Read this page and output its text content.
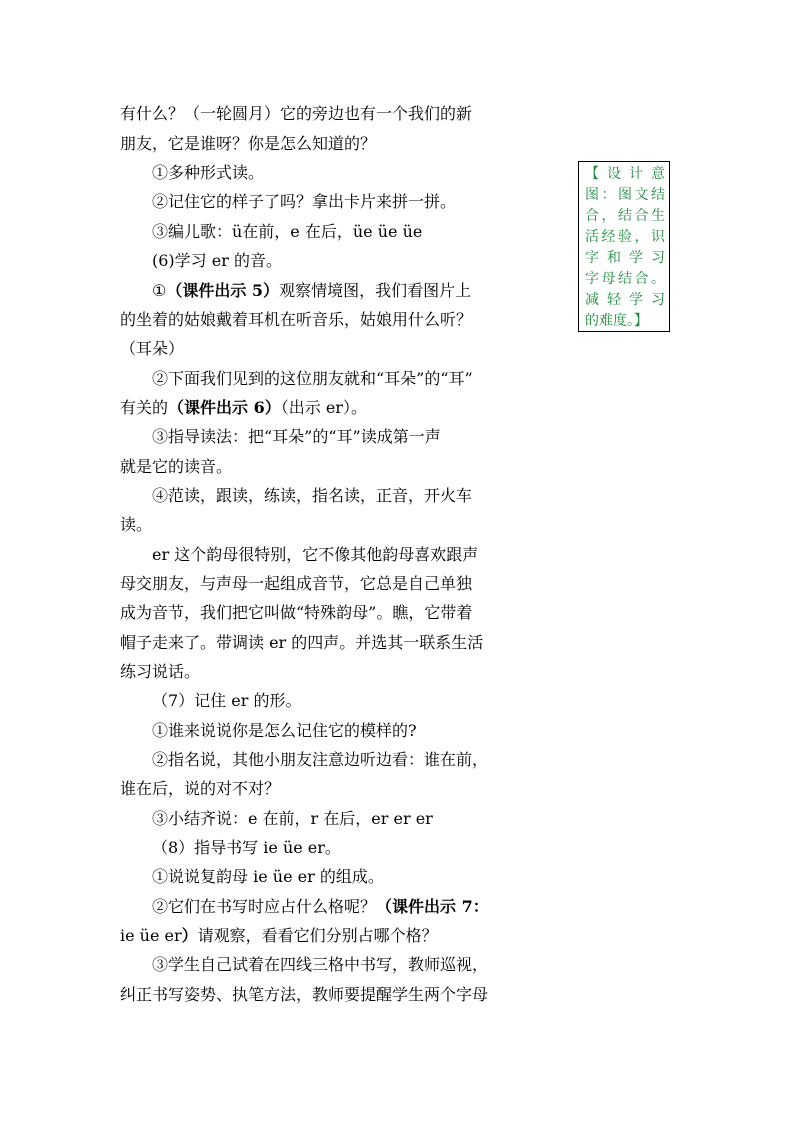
有什么？（一轮圆月）它的旁边也有一个我们的新
朋友，它是谁呀？你是怎么知道的？
①多种形式读。
②记住它的样子了吗？拿出卡片来拼一拼。
③编儿歌：ü在前，e 在后，üe üe üe
(6)学习 er 的音。
①（课件出示 5）观察情境图，我们看图片上
的坐着的姑娘戴着耳机在听音乐，姑娘用什么听？
（耳朵）
②下面我们见到的这位朋友就和“耳朵”的“耳”
有关的（课件出示 6）（出示 er）。
③指导读法：把“耳朵”的“耳”读成第一声
就是它的读音。
④范读，跟读，练读，指名读，正音，开火车
读。
er 这个韵母很特别，它不像其他韵母喜欢跟声
母交朋友，与声母一起组成音节，它总是自己单独
成为音节，我们把它叫做“特殊韵母”。瞧，它带着
帽子走来了。带调读 er 的四声。并选其一联系生活
练习说话。
（7）记住 er 的形。
①谁来说说你是怎么记住它的模样的?
②指名说，其他小朋友注意边听边看：谁在前，
谁在后，说的对不对？
③小结齐说：e 在前，r 在后，er er er
（8）指导书写 ie üe er。
①说说复韵母 ie üe er 的组成。
②它们在书写时应占什么格呢？（课件出示 7：
ie üe er）请观察，看看它们分别占哪个格？
③学生自己试着在四线三格中书写，教师巡视，
纠正书写姿势、执笔方法，教师要提醒学生两个字母
【设计意
图：图文结
合，结合生
活经验，识
字和学习
字母结合。
减轻学习
的难度。】
